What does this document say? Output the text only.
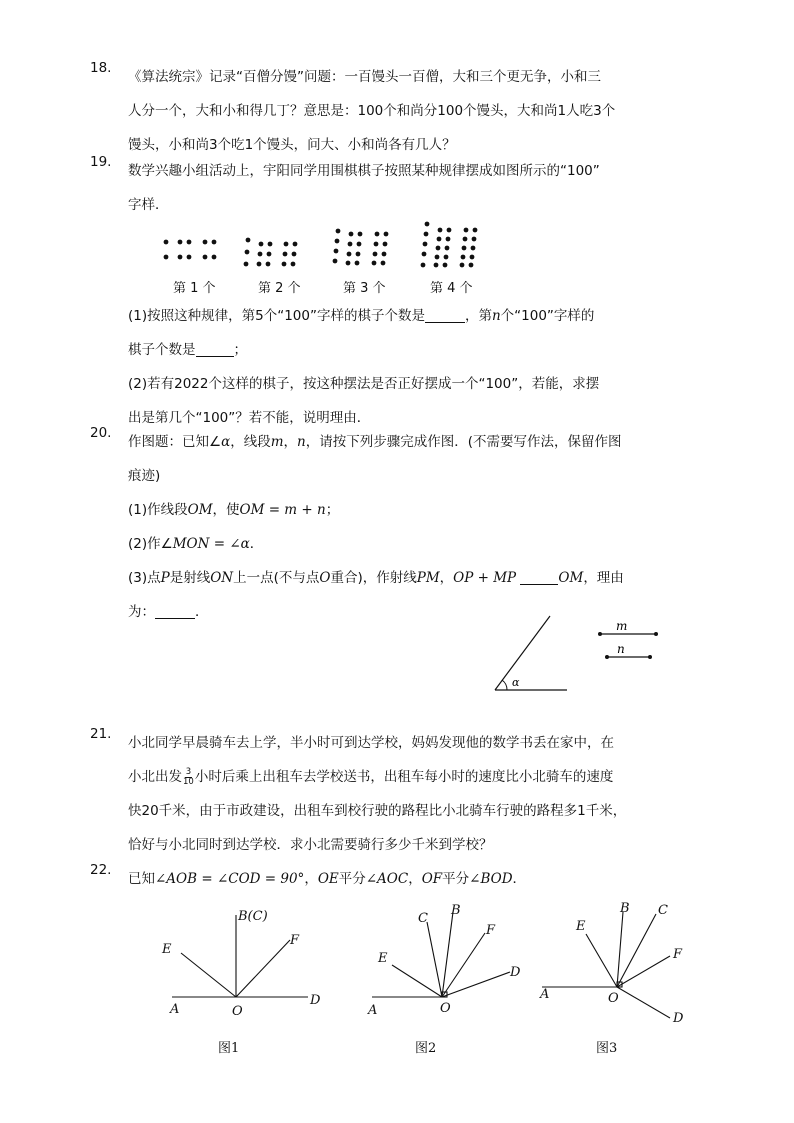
18.
《算法统宗》记录“百僧分馒”问题：一百馒头一百僧，大和三个更无争，小和三
人分一个，大和小和得几丁？意思是：100个和尚分100个馒头，大和尚1人吃3个
馒头，小和尚3个吃1个馒头，问大、小和尚各有几人？
19.
数学兴趣小组活动上，宇阳同学用围棋棋子按照某种规律摆成如图所示的“100”
字样．
第 1 个	第 2 个	第 3 个	第 4 个
(1)按照这种规律，第5个“100”字样的棋子个数是	，第n个“100”字样的
棋子个数是	；
(2)若有2022个这样的棋子，按这种摆法是否正好摆成一个“100”，若能，求摆
出是第几个“100”？若不能，说明理由．
20.
作图题：已知∠α，线段m，n，请按下列步骤完成作图．(不需要写作法，保留作图
痕迹)
(1)作线段OM，使OM = m + n；
(2)作∠MON = ∠α．
(3)点P是射线ON上一点(不与点O重合)，作射线PM，OP + MP	OM，理由
为：	．
α
m
n
21.
小北同学早晨骑车去上学，半小时可到达学校，妈妈发现他的数学书丢在家中，在
小北出发 $\frac{3}{10}$ 小时后乘上出租车去学校送书，出租车每小时的速度比小北骑车的速度
快20千米，由于市政建设，出租车到校行驶的路程比小北骑车行驶的路程多1千米，
恰好与小北同时到达学校．求小北需要骑行多少千米到学校？
22.
已知∠AOB = ∠COD = 90°，OE平分∠AOC，OF平分∠BOD．
B(C)
E
F
A	O
D
C
B
F
E
D
A	O
E
B C
F
A	O
D
图1	图2	图3
